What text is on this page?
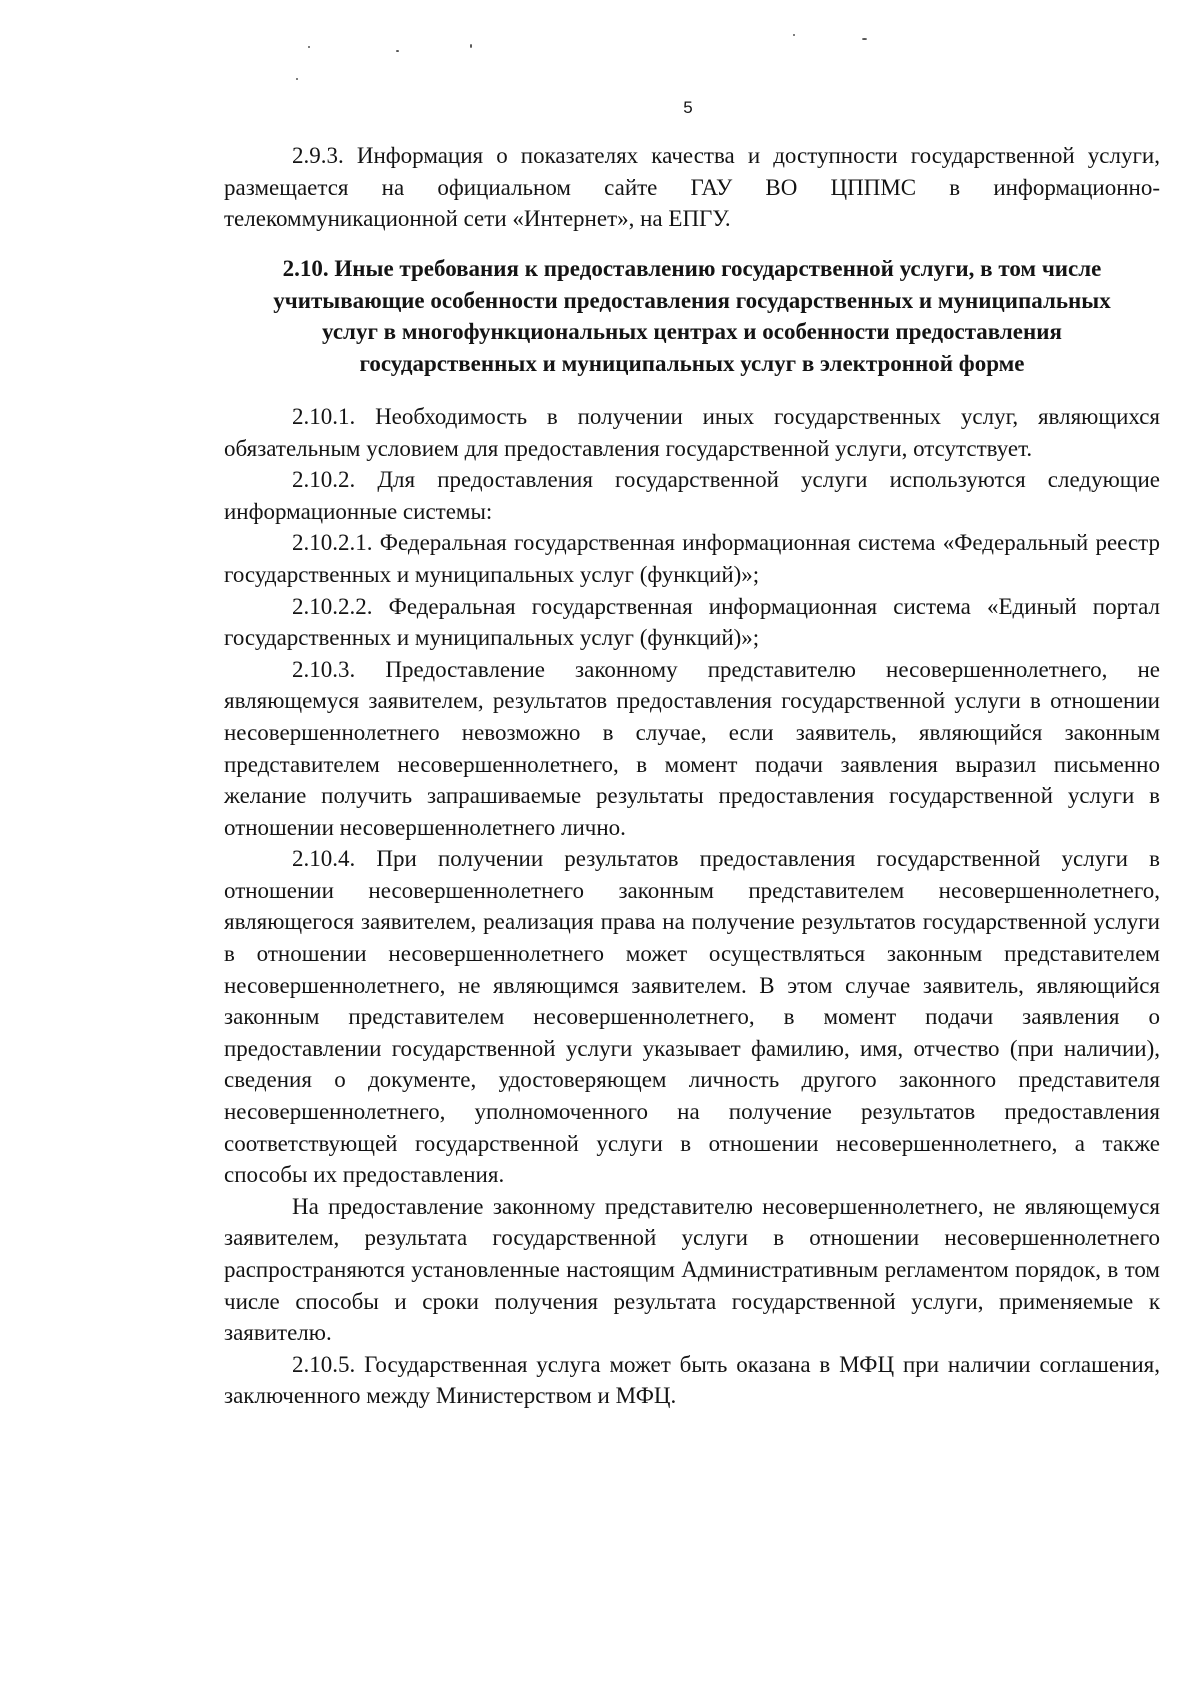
5

2.9.3. Информация о показателях качества и доступности государственной услуги, размещается на официальном сайте ГАУ ВО ЦППМС в информационно-телекоммуникационной сети «Интернет», на ЕПГУ.

2.10. Иные требования к предоставлению государственной услуги, в том числе учитывающие особенности предоставления государственных и муниципальных услуг в многофункциональных центрах и особенности предоставления государственных и муниципальных услуг в электронной форме

2.10.1. Необходимость в получении иных государственных услуг, являющихся обязательным условием для предоставления государственной услуги, отсутствует.

2.10.2. Для предоставления государственной услуги используются следующие информационные системы:

2.10.2.1. Федеральная государственная информационная система «Федеральный реестр государственных и муниципальных услуг (функций)»;

2.10.2.2. Федеральная государственная информационная система «Единый портал государственных и муниципальных услуг (функций)»;

2.10.3. Предоставление законному представителю несовершеннолетнего, не являющемуся заявителем, результатов предоставления государственной услуги в отношении несовершеннолетнего невозможно в случае, если заявитель, являющийся законным представителем несовершеннолетнего, в момент подачи заявления выразил письменно желание получить запрашиваемые результаты предоставления государственной услуги в отношении несовершеннолетнего лично.

2.10.4. При получении результатов предоставления государственной услуги в отношении несовершеннолетнего законным представителем несовершеннолетнего, являющегося заявителем, реализация права на получение результатов государственной услуги в отношении несовершеннолетнего может осуществляться законным представителем несовершеннолетнего, не являющимся заявителем. В этом случае заявитель, являющийся законным представителем несовершеннолетнего, в момент подачи заявления о предоставлении государственной услуги указывает фамилию, имя, отчество (при наличии), сведения о документе, удостоверяющем личность другого законного представителя несовершеннолетнего, уполномоченного на получение результатов предоставления соответствующей государственной услуги в отношении несовершеннолетнего, а также способы их предоставления.

На предоставление законному представителю несовершеннолетнего, не являющемуся заявителем, результата государственной услуги в отношении несовершеннолетнего распространяются установленные настоящим Административным регламентом порядок, в том числе способы и сроки получения результата государственной услуги, применяемые к заявителю.

2.10.5. Государственная услуга может быть оказана в МФЦ при наличии соглашения, заключенного между Министерством и МФЦ.
